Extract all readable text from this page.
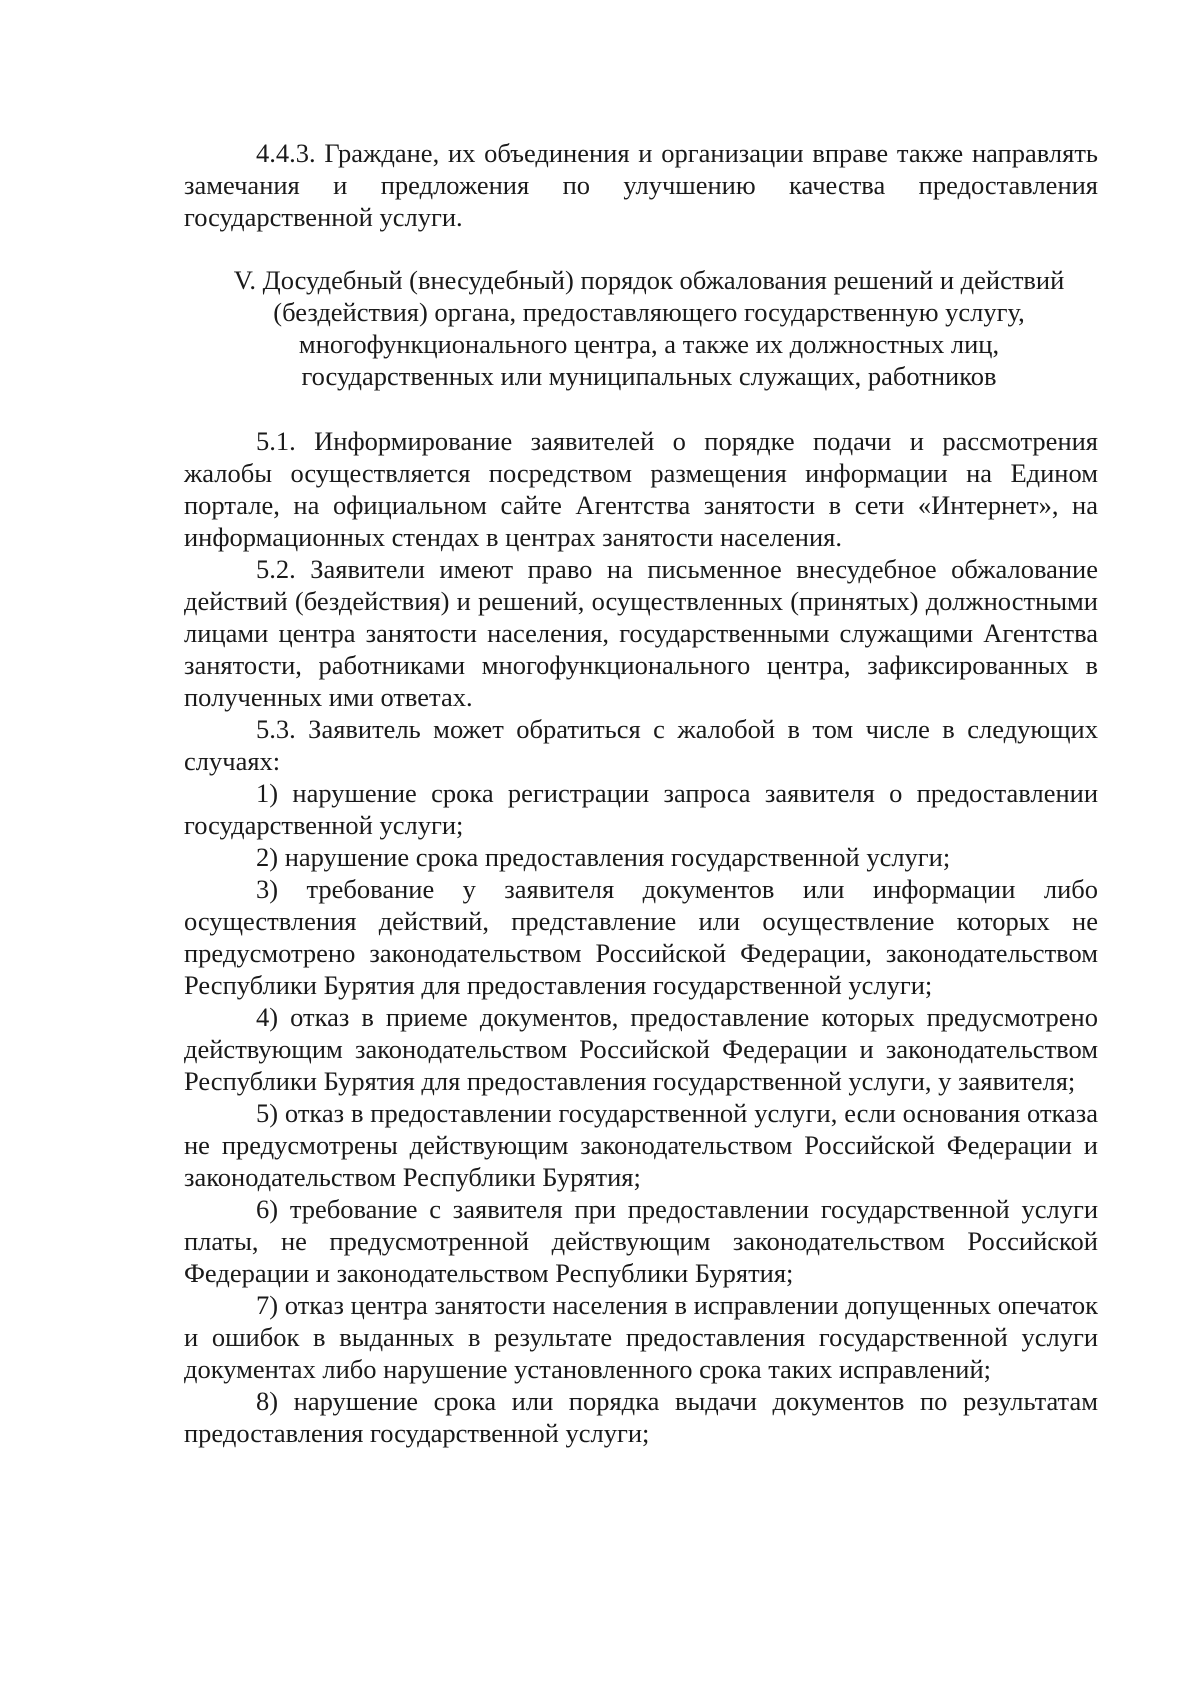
4.4.3. Граждане, их объединения и организации вправе также направлять замечания и предложения по улучшению качества предоставления государственной услуги.

V. Досудебный (внесудебный) порядок обжалования решений и действий (бездействия) органа, предоставляющего государственную услугу, многофункционального центра, а также их должностных лиц, государственных или муниципальных служащих, работников

5.1. Информирование заявителей о порядке подачи и рассмотрения жалобы осуществляется посредством размещения информации на Едином портале, на официальном сайте Агентства занятости в сети «Интернет», на информационных стендах в центрах занятости населения.

5.2. Заявители имеют право на письменное внесудебное обжалование действий (бездействия) и решений, осуществленных (принятых) должностными лицами центра занятости населения, государственными служащими Агентства занятости, работниками многофункционального центра, зафиксированных в полученных ими ответах.

5.3. Заявитель может обратиться с жалобой в том числе в следующих случаях:

1) нарушение срока регистрации запроса заявителя о предоставлении государственной услуги;

2) нарушение срока предоставления государственной услуги;

3) требование у заявителя документов или информации либо осуществления действий, представление или осуществление которых не предусмотрено законодательством Российской Федерации, законодательством Республики Бурятия для предоставления государственной услуги;

4) отказ в приеме документов, предоставление которых предусмотрено действующим законодательством Российской Федерации и законодательством Республики Бурятия для предоставления государственной услуги, у заявителя;

5) отказ в предоставлении государственной услуги, если основания отказа не предусмотрены действующим законодательством Российской Федерации и законодательством Республики Бурятия;

6) требование с заявителя при предоставлении государственной услуги платы, не предусмотренной действующим законодательством Российской Федерации и законодательством Республики Бурятия;

7) отказ центра занятости населения в исправлении допущенных опечаток и ошибок в выданных в результате предоставления государственной услуги документах либо нарушение установленного срока таких исправлений;

8) нарушение срока или порядка выдачи документов по результатам предоставления государственной услуги;
